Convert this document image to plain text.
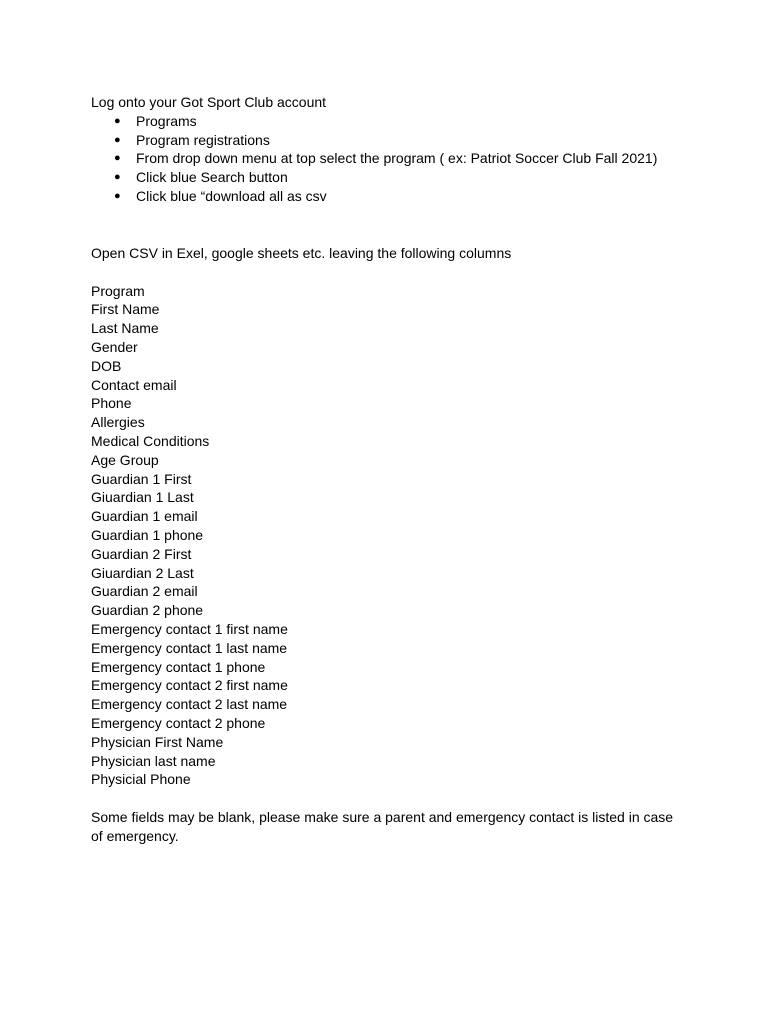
Log onto your Got Sport Club account

● Programs
● Program registrations
● From drop down menu at top select the program ( ex: Patriot Soccer Club Fall 2021)
● Click blue Search button
● Click blue “download all as csv

Open CSV in Exel, google sheets etc. leaving the following columns

Program
First Name
Last Name
Gender
DOB
Contact email
Phone
Allergies
Medical Conditions
Age Group
Guardian 1 First
Giuardian 1 Last
Guardian 1 email
Guardian 1 phone
Guardian 2 First
Giuardian 2 Last
Guardian 2 email
Guardian 2 phone
Emergency contact 1 first name
Emergency contact 1 last name
Emergency contact 1 phone
Emergency contact 2 first name
Emergency contact 2 last name
Emergency contact 2 phone
Physician First Name
Physician last name
Physicial Phone

Some fields may be blank, please make sure a parent and emergency contact is listed in case of emergency.
